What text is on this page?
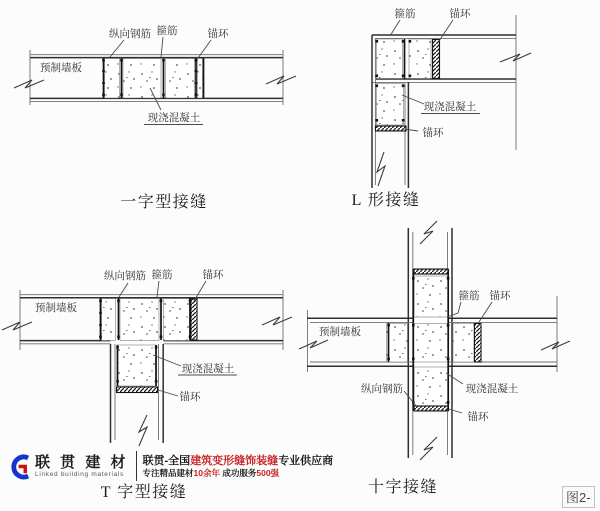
纵向钢筋 箍筋	锚环
预制墙板
现浇混凝土
一字型接缝
箍筋	锚环
现浇混凝土
锚环
L 形接缝
纵向钢筋 箍筋	锚环
预制墙板
现浇混凝土
锚环
T 字型接缝
箍筋 锚环
预制墙板
纵向钢筋	现浇混凝土
锚环
十字接缝
联 贯 建 材
Linked building materials
联贯-全国建筑变形缝饰装缝专业供应商
专注精品建材10余年 成功服务500强
图2-
